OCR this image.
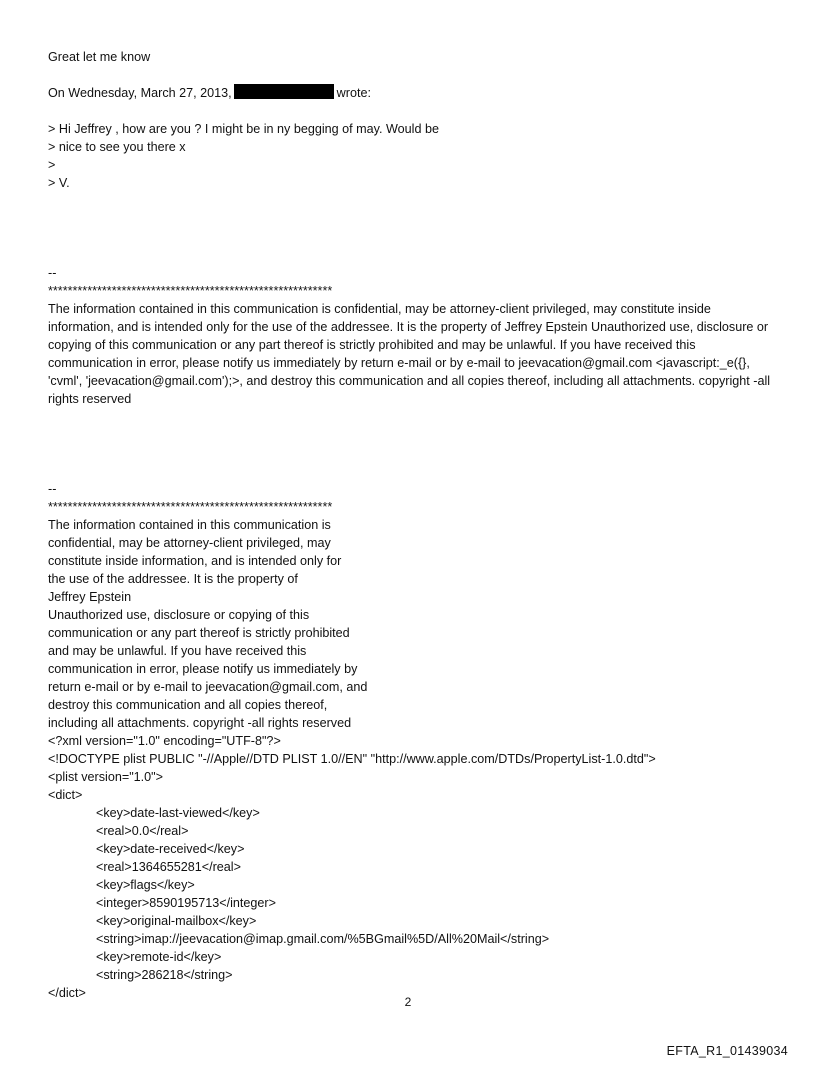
Great let me know

On Wednesday, March 27, 2013,	wrote:

> Hi Jeffrey , how are you ? I might be in ny begging of may. Would be

> nice to see you there x

>

> V.

--

**********************************************************

The information contained in this communication is confidential, may be attorney-client privileged, may constitute inside information, and is intended only for the use of the addressee. It is the property of Jeffrey Epstein Unauthorized use, disclosure or copying of this communication or any part thereof is strictly prohibited and may be unlawful. If you have received this communication in error, please notify us immediately by return e-mail or by e-mail to jeevacation@gmail.com <javascript:_e({}, 'cvml', 'jeevacation@gmail.com');>, and destroy this communication and all copies thereof, including all attachments. copyright -all rights reserved

--

**********************************************************

The information contained in this communication is

confidential, may be attorney-client privileged, may

constitute inside information, and is intended only for

the use of the addressee. It is the property of

Jeffrey Epstein

Unauthorized use, disclosure or copying of this

communication or any part thereof is strictly prohibited

and may be unlawful. If you have received this

communication in error, please notify us immediately by

return e-mail or by e-mail to jeevacation@gmail.com, and

destroy this communication and all copies thereof,

including all attachments. copyright -all rights reserved

<?xml version="1.0" encoding="UTF-8"?>

<!DOCTYPE plist PUBLIC "-//Apple//DTD PLIST 1.0//EN" "http://www.apple.com/DTDs/PropertyList-1.0.dtd">

<plist version="1.0">

<dict>

<key>date-last-viewed</key>

<real>0.0</real>

<key>date-received</key>

<real>1364655281</real>

<key>flags</key>

<integer>8590195713</integer>

<key>original-mailbox</key>

<string>imap://jeevacation@imap.gmail.com/%5BGmail%5D/All%20Mail</string>

<key>remote-id</key>

<string>286218</string>

</dict>

2
EFTA_R1_01439034
